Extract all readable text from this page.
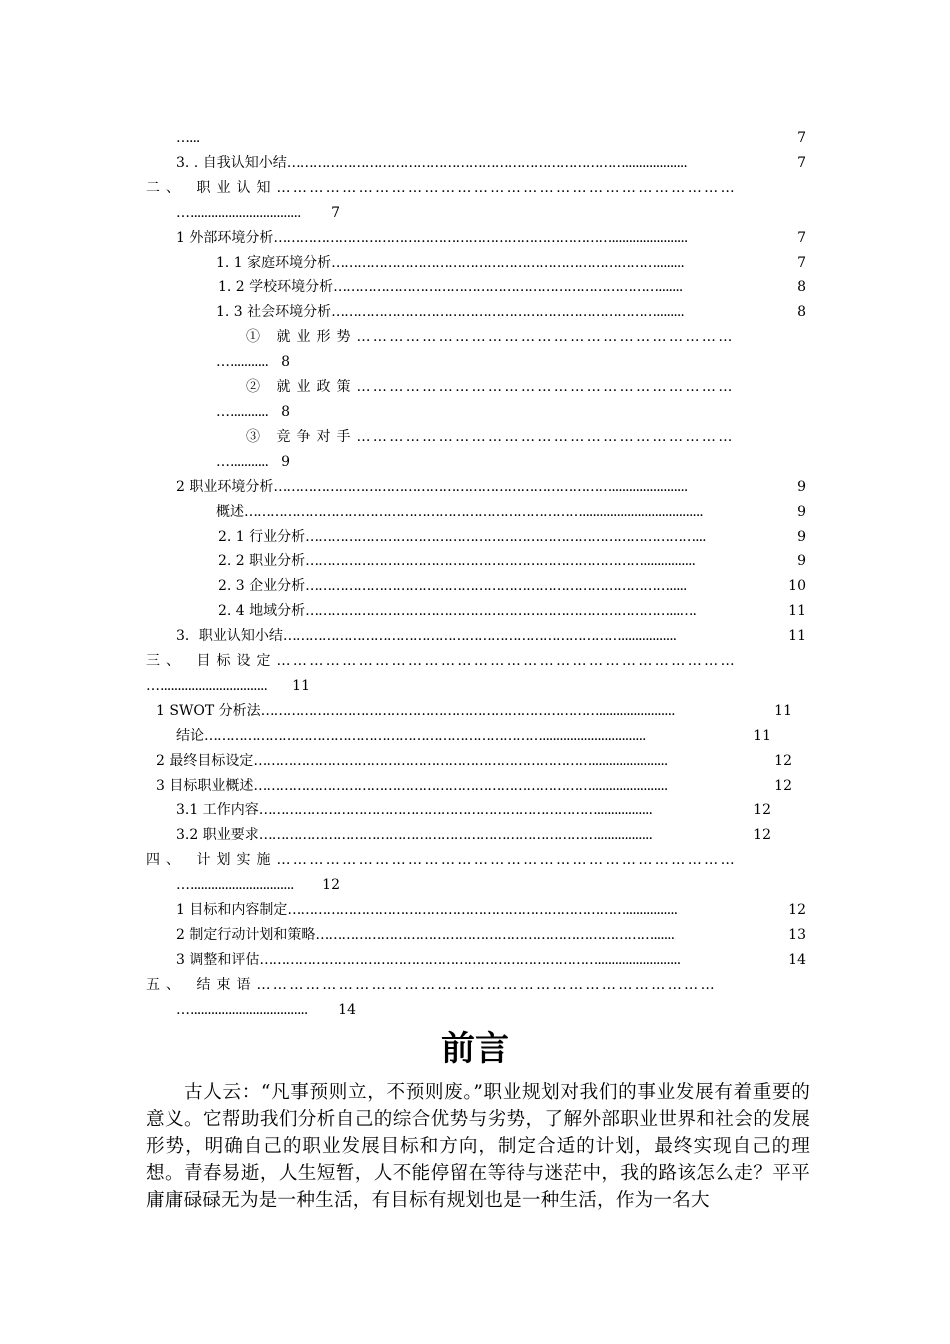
…...	7
3. . 自我认知小结 ……………………………………………………………………..................	7
二、 职业认知 … … … … … … … … … … … … … … … … … … … … … … … … … … … …
… ................................	7
1 外部环境分析 ……………………………………………………………………......................	7
1. 1 家庭环境分析 …………………………………………………………………........	7
1. 2 学校环境分析 ………………………………………………………………….......	8
1. 3 社会环境分析 …………………………………………………………………........	8
① 就业形势 … … … … … … … … … … … … … … … … … … … … … … …
… ........... 8
② 就业政策 … … … … … … … … … … … … … … … … … … … … … … …
… ........... 8
③ 竞争对手 … … … … … … … … … … … … … … … … … … … … … … …
… ........... 9
2 职业环境分析 ……………………………………………………………………......................	9
概述 ……………………………………………………………………...................................	9
2. 1 行业分析 ………………………………………………………………………………...	9
2. 2 职业分析 ……………………………………………………………………...............	9
2. 3 企业分析 ………………………………………………………………………….....	10
2. 4 地域分析 …………………………………………………………………………...….	11
3．职业认知小结 ……………………………………………………………………................	11
三、 目标设定 … … … … … … … … … … … … … … … … … … … … … … … … … … … …
… ...............................	11
1 SWOT 分析法 ……………………………………………………………………......................	11
结论 ……………………………………………………………………..............................	11
2 最终目标设定 ……………………………………………………………………......................	12
3 目标职业概述 ……………………………………………………………………......................	12
3.1 工作内容 ……………………………………………………………………................	12
3.2 职业要求 ……………………………………………………………………................	12
四、 计划实施 … … … … … … … … … … … … … … … … … … … … … … … … … … … …
… ..............................	12
1 目标和内容制定 ……………………………………………………………………...............	12
2 制定行动计划和策略 ……………………………………………………………………......	13
3 调整和评估 ……………………………………………………………………........................	14
五、 结束语 … … … … … … … … … … … … … … … … … … … … … … … … … … … …
… ..................................	14
前言
古人云：“凡事预则立，不预则废。”职业规划对我们的事业发展有着重要的意义。它帮助我们分析自己的综合优势与劣势，了解外部职业世界和社会的发展形势，明确自己的职业发展目标和方向，制定合适的计划，最终实现自己的理想。青春易逝，人生短暂，人不能停留在等待与迷茫中，我的路该怎么走？平平庸庸碌碌无为是一种生活，有目标有规划也是一种生活，作为一名大
